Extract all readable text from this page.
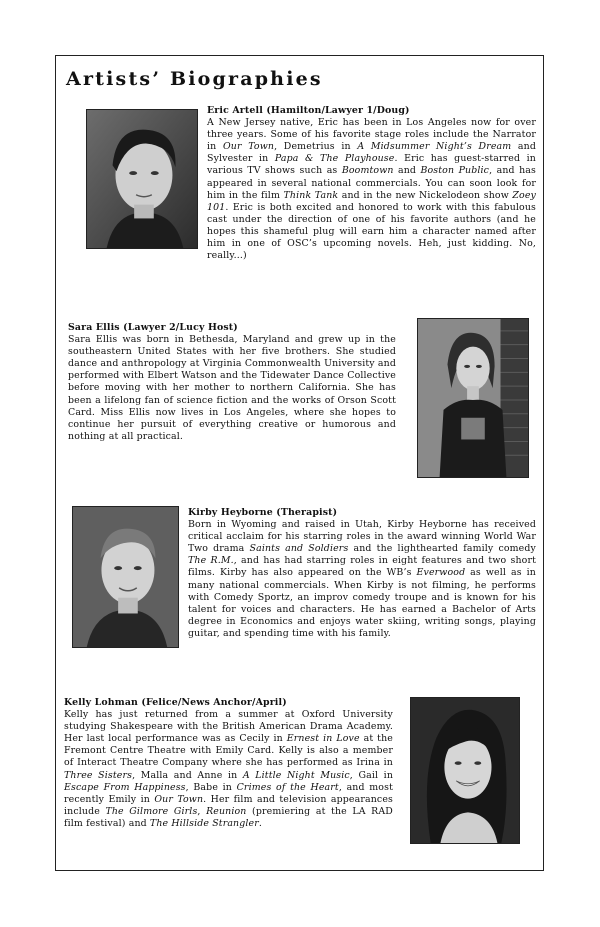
Artists’ Biographies
Eric Artell (Hamilton/Lawyer 1/Doug)
A New Jersey native, Eric has been in Los Angeles now for over three years. Some of his favorite stage roles include the Narrator in Our Town, Demetrius in A Midsummer Night’s Dream and Sylvester in Papa & The Playhouse. Eric has guest-starred in various TV shows such as Boomtown and Boston Public, and has appeared in several national commercials. You can soon look for him in the film Think Tank and in the new Nickelodeon show Zoey 101. Eric is both excited and honored to work with this fabulous cast under the direction of one of his favorite authors (and he hopes this shameful plug will earn him a character named after him in one of OSC’s upcoming novels. Heh, just kidding. No, really...)
Sara Ellis (Lawyer 2/Lucy Host)
Sara Ellis was born in Bethesda, Maryland and grew up in the southeastern United States with her five brothers. She studied dance and anthropology at Virginia Commonwealth University and performed with Elbert Watson and the Tidewater Dance Collective before moving with her mother to northern California. She has been a lifelong fan of science fiction and the works of Orson Scott Card. Miss Ellis now lives in Los Angeles, where she hopes to continue her pursuit of everything creative or humorous and nothing at all practical.
Kirby Heyborne (Therapist)
Born in Wyoming and raised in Utah, Kirby Heyborne has received critical acclaim for his starring roles in the award winning World War Two drama Saints and Soldiers and the lighthearted family comedy The R.M., and has had starring roles in eight features and two short films. Kirby has also appeared on the WB’s Everwood as well as in many national commercials. When Kirby is not filming, he performs with Comedy Sportz, an improv comedy troupe and is known for his talent for voices and characters. He has earned a Bachelor of Arts degree in Economics and enjoys water skiing, writing songs, playing guitar, and spending time with his family.
Kelly Lohman (Felice/News Anchor/April)
Kelly has just returned from a summer at Oxford University studying Shakespeare with the British American Drama Academy. Her last local performance was as Cecily in Ernest in Love at the Fremont Centre Theatre with Emily Card. Kelly is also a member of Interact Theatre Company where she has performed as Irina in Three Sisters, Malla and Anne in A Little Night Music, Gail in Escape From Happiness, Babe in Crimes of the Heart, and most recently Emily in Our Town. Her film and television appearances include The Gilmore Girls, Reunion (premiering at the LA RAD film festival) and The Hillside Strangler.
